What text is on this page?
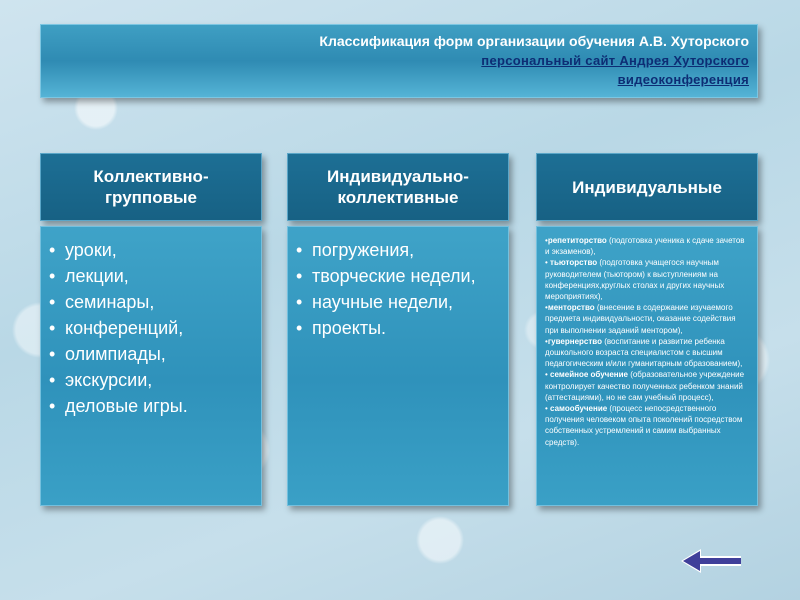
Классификация форм организации обучения А.В. Хуторского
персональный сайт Андрея Хуторского
видеоконференция
Коллективно-
групповые
• уроки,
• лекции,
• семинары,
• конференций,
• олимпиады,
• экскурсии,
• деловые игры.
Индивидуально-
коллективные
• погружения,
• творческие недели,
• научные недели,
• проекты.
Индивидуальные
•репетиторство (подготовка ученика к сдаче зачетов и экзаменов),
• тьюторство (подготовка учащегося научным руководителем (тьютором) к выступлениям на конференциях,круглых столах и других научных мероприятиях),
•менторство (внесение в содержание изучаемого предмета индивидуальности, оказание содействия при выполнении заданий ментором),
•гувернерство (воспитание и развитие ребенка дошкольного возраста специалистом с высшим педагогическим и/или гуманитарным образованием),
• семейное обучение (образовательное учреждение контролирует качество полученных ребенком знаний (аттестациями), но не сам учебный процесс),
• самообучение (процесс непосредственного получения человеком опыта поколений посредством собственных устремлений и самим выбранных средств).
